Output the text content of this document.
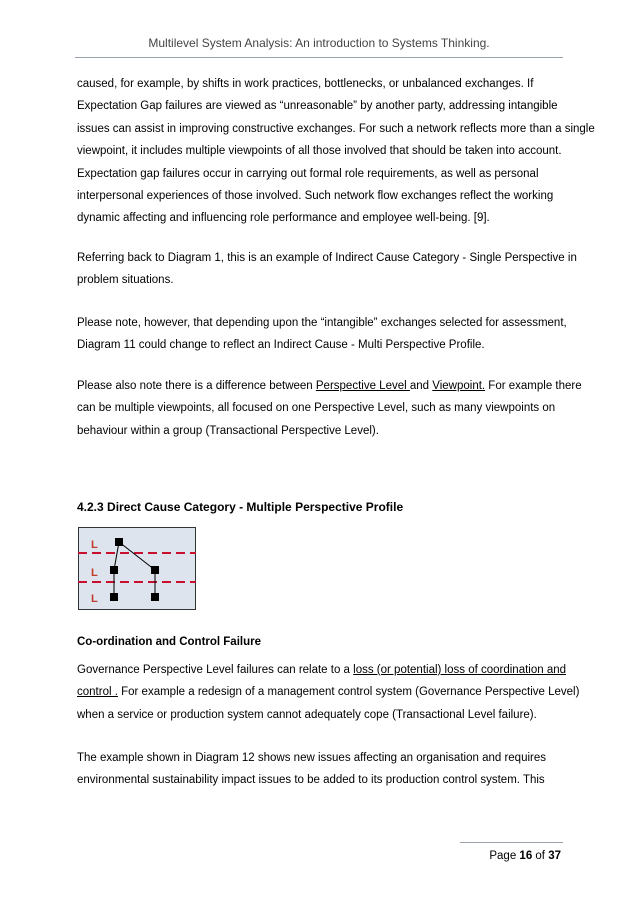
Multilevel System Analysis: An introduction to Systems Thinking.
caused, for example, by shifts in work practices, bottlenecks, or unbalanced exchanges. If
Expectation Gap failures are viewed as “unreasonable” by another party, addressing intangible
issues can assist in improving constructive exchanges. For such a network reflects more than a single
viewpoint, it includes multiple viewpoints of all those involved that should be taken into account.
Expectation gap failures occur in carrying out formal role requirements, as well as personal
interpersonal experiences of those involved. Such network flow exchanges reflect the working
dynamic affecting and influencing role performance and employee well-being. [9].
Referring back to Diagram 1, this is an example of Indirect Cause Category - Single Perspective in
problem situations.
Please note, however, that depending upon the “intangible” exchanges selected for assessment,
Diagram 11 could change to reflect an Indirect Cause - Multi Perspective Profile.
Please also note there is a difference between Perspective Level and Viewpoint. For example there
can be multiple viewpoints, all focused on one Perspective Level, such as many viewpoints on
behaviour within a group (Transactional Perspective Level).
4.2.3 Direct Cause Category - Multiple Perspective Profile
L
L
L
Co-ordination and Control Failure
Governance Perspective Level failures can relate to a loss (or potential) loss of coordination and
control . For example a redesign of a management control system (Governance Perspective Level)
when a service or production system cannot adequately cope (Transactional Level failure).
The example shown in Diagram 12 shows new issues affecting an organisation and requires
environmental sustainability impact issues to be added to its production control system. This
Page 16 of 37
